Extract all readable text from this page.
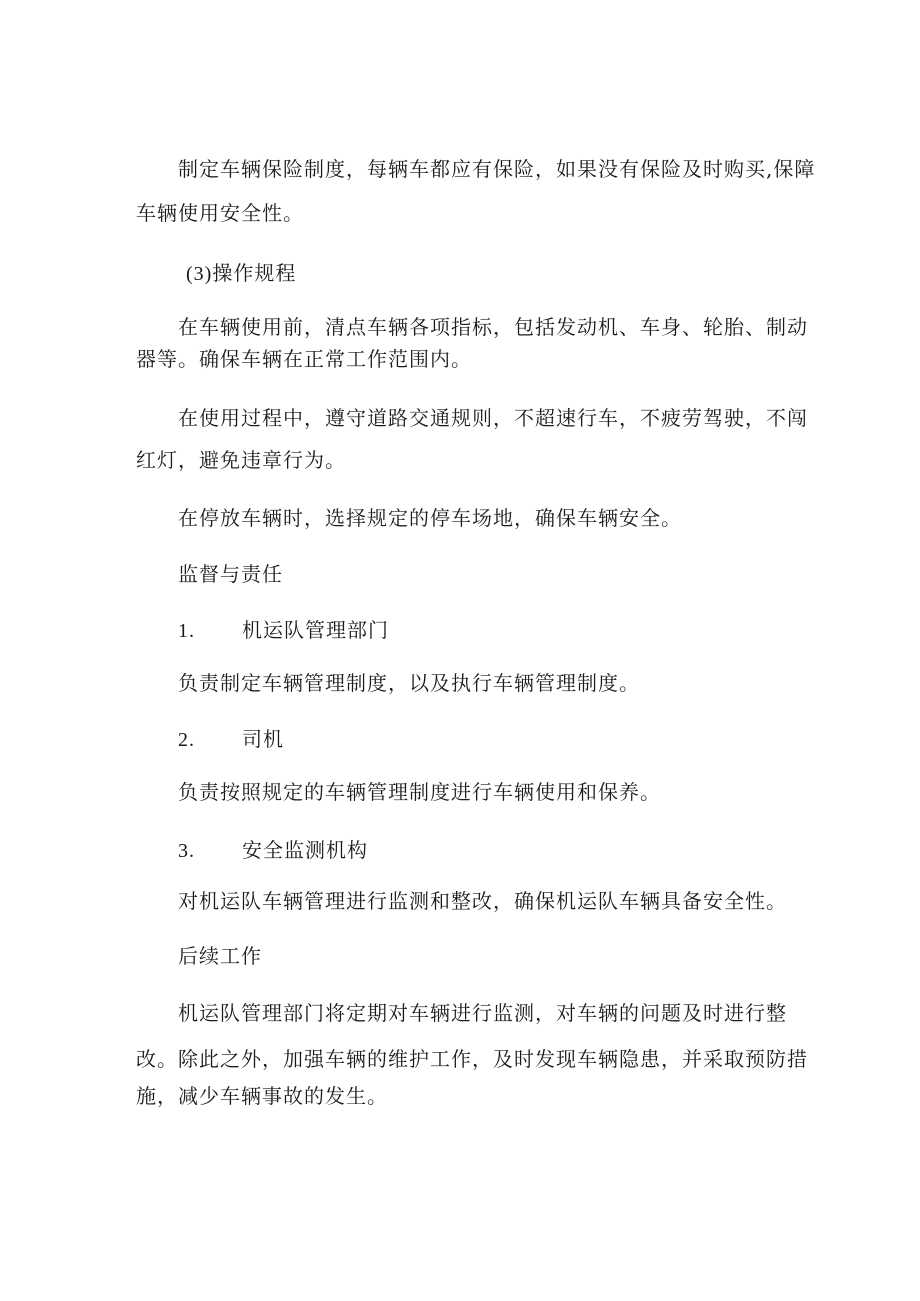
制定车辆保险制度，每辆车都应有保险，如果没有保险及时购买,保障
车辆使用安全性。
(3)操作规程
在车辆使用前，清点车辆各项指标，包括发动机、车身、轮胎、制动
器等。确保车辆在正常工作范围内。
在使用过程中，遵守道路交通规则，不超速行车，不疲劳驾驶，不闯
红灯，避免违章行为。
在停放车辆时，选择规定的停车场地，确保车辆安全。
监督与责任
1. 机运队管理部门
负责制定车辆管理制度，以及执行车辆管理制度。
2. 司机
负责按照规定的车辆管理制度进行车辆使用和保养。
3. 安全监测机构
对机运队车辆管理进行监测和整改，确保机运队车辆具备安全性。
后续工作
机运队管理部门将定期对车辆进行监测，对车辆的问题及时进行整
改。除此之外，加强车辆的维护工作，及时发现车辆隐患，并采取预防措
施，减少车辆事故的发生。
